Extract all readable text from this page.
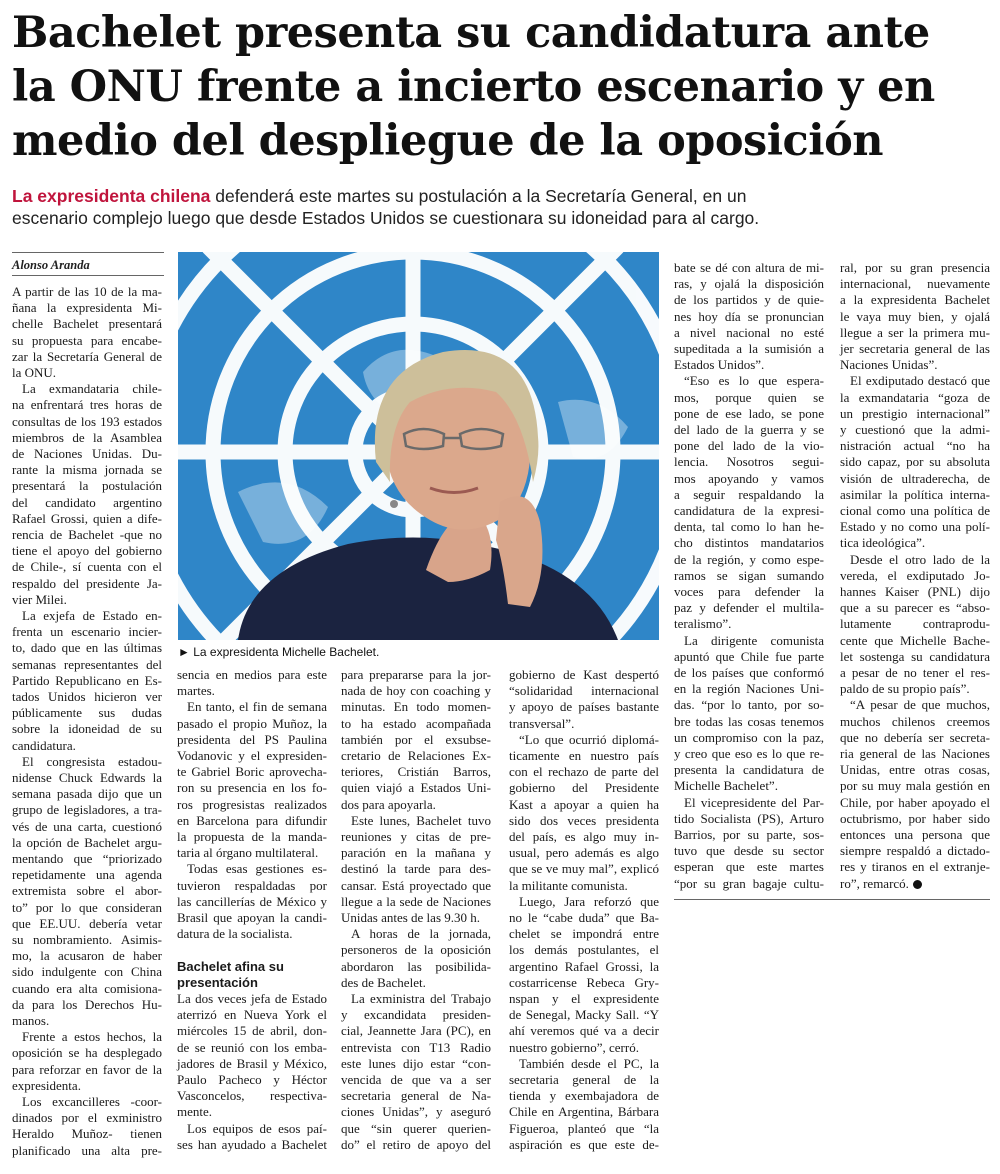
Bachelet presenta su candidatura ante
la ONU frente a incierto escenario y en
medio del despliegue de la oposición
La expresidenta chilena defenderá este martes su postulación a la Secretaría General, en un
escenario complejo luego que desde Estados Unidos se cuestionara su idoneidad para al cargo.
Alonso Aranda
► La expresidenta Michelle Bachelet.
A partir de las 10 de la ma-
ñana la expresidenta Mi-
chelle Bachelet presentará
su propuesta para encabe-
zar la Secretaría General de
la ONU.
La exmandataria chile-
na enfrentará tres horas de
consultas de los 193 estados
miembros de la Asamblea
de Naciones Unidas. Du-
rante la misma jornada se
presentará la postulación
del candidato argentino
Rafael Grossi, quien a dife-
rencia de Bachelet -que no
tiene el apoyo del gobierno
de Chile-, sí cuenta con el
respaldo del presidente Ja-
vier Milei.
La exjefa de Estado en-
frenta un escenario incier-
to, dado que en las últimas
semanas representantes del
Partido Republicano en Es-
tados Unidos hicieron ver
públicamente sus dudas
sobre la idoneidad de su
candidatura.
El congresista estadou-
nidense Chuck Edwards la
semana pasada dijo que un
grupo de legisladores, a tra-
vés de una carta, cuestionó
la opción de Bachelet argu-
mentando que “priorizado
repetidamente una agenda
extremista sobre el abor-
to” por lo que consideran
que EE.UU. debería vetar
su nombramiento. Asimis-
mo, la acusaron de haber
sido indulgente con China
cuando era alta comisiona-
da para los Derechos Hu-
manos.
Frente a estos hechos, la
oposición se ha desplegado
para reforzar en favor de la
expresidenta.
Los excancilleres -coor-
dinados por el exministro
Heraldo Muñoz- tienen
planificado una alta pre-
sencia en medios para este
martes.
En tanto, el fin de semana
pasado el propio Muñoz, la
presidenta del PS Paulina
Vodanovic y el expresiden-
te Gabriel Boric aprovecha-
ron su presencia en los fo-
ros progresistas realizados
en Barcelona para difundir
la propuesta de la manda-
taria al órgano multilateral.
Todas esas gestiones es-
tuvieron respaldadas por
las cancillerías de México y
Brasil que apoyan la candi-
datura de la socialista.
Bachelet afina su
presentación
La dos veces jefa de Estado
aterrizó en Nueva York el
miércoles 15 de abril, don-
de se reunió con los emba-
jadores de Brasil y México,
Paulo Pacheco y Héctor
Vasconcelos, respectiva-
mente.
Los equipos de esos paí-
ses han ayudado a Bachelet
para prepararse para la jor-
nada de hoy con coaching y
minutas. En todo momen-
to ha estado acompañada
también por el exsubse-
cretario de Relaciones Ex-
teriores, Cristián Barros,
quien viajó a Estados Uni-
dos para apoyarla.
Este lunes, Bachelet tuvo
reuniones y citas de pre-
paración en la mañana y
destinó la tarde para des-
cansar. Está proyectado que
llegue a la sede de Naciones
Unidas antes de las 9.30 h.
A horas de la jornada,
personeros de la oposición
abordaron las posibilida-
des de Bachelet.
La exministra del Trabajo
y excandidata presiden-
cial, Jeannette Jara (PC), en
entrevista con T13 Radio
este lunes dijo estar “con-
vencida de que va a ser
secretaria general de Na-
ciones Unidas”, y aseguró
que “sin querer querien-
do” el retiro de apoyo del
gobierno de Kast despertó
“solidaridad internacional
y apoyo de países bastante
transversal”.
“Lo que ocurrió diplomá-
ticamente en nuestro país
con el rechazo de parte del
gobierno del Presidente
Kast a apoyar a quien ha
sido dos veces presidenta
del país, es algo muy in-
usual, pero además es algo
que se ve muy mal”, explicó
la militante comunista.
Luego, Jara reforzó que
no le “cabe duda” que Ba-
chelet se impondrá entre
los demás postulantes, el
argentino Rafael Grossi, la
costarricense Rebeca Gry-
nspan y el expresidente
de Senegal, Macky Sall. “Y
ahí veremos qué va a decir
nuestro gobierno”, cerró.
También desde el PC, la
secretaria general de la
tienda y exembajadora de
Chile en Argentina, Bárbara
Figueroa, planteó que “la
aspiración es que este de-
bate se dé con altura de mi-
ras, y ojalá la disposición
de los partidos y de quie-
nes hoy día se pronuncian
a nivel nacional no esté
supeditada a la sumisión a
Estados Unidos”.
“Eso es lo que espera-
mos, porque quien se
pone de ese lado, se pone
del lado de la guerra y se
pone del lado de la vio-
lencia. Nosotros segui-
mos apoyando y vamos
a seguir respaldando la
candidatura de la expresi-
denta, tal como lo han he-
cho distintos mandatarios
de la región, y como espe-
ramos se sigan sumando
voces para defender la
paz y defender el multila-
teralismo”.
La dirigente comunista
apuntó que Chile fue parte
de los países que conformó
en la región Naciones Uni-
das. “por lo tanto, por so-
bre todas las cosas tenemos
un compromiso con la paz,
y creo que eso es lo que re-
presenta la candidatura de
Michelle Bachelet”.
El vicepresidente del Par-
tido Socialista (PS), Arturo
Barrios, por su parte, sos-
tuvo que desde su sector
esperan que este martes
“por su gran bagaje cultu-
ral, por su gran presencia
internacional, nuevamente
a la expresidenta Bachelet
le vaya muy bien, y ojalá
llegue a ser la primera mu-
jer secretaria general de las
Naciones Unidas”.
El exdiputado destacó que
la exmandataria “goza de
un prestigio internacional”
y cuestionó que la admi-
nistración actual “no ha
sido capaz, por su absoluta
visión de ultraderecha, de
asimilar la política interna-
cional como una política de
Estado y no como una polí-
tica ideológica”.
Desde el otro lado de la
vereda, el exdiputado Jo-
hannes Kaiser (PNL) dijo
que a su parecer es “abso-
lutamente contraprodu-
cente que Michelle Bache-
let sostenga su candidatura
a pesar de no tener el res-
paldo de su propio país”.
“A pesar de que muchos,
muchos chilenos creemos
que no debería ser secreta-
ria general de las Naciones
Unidas, entre otras cosas,
por su muy mala gestión en
Chile, por haber apoyado el
octubrismo, por haber sido
entonces una persona que
siempre respaldó a dictado-
res y tiranos en el extranje-
ro”, remarcó.
